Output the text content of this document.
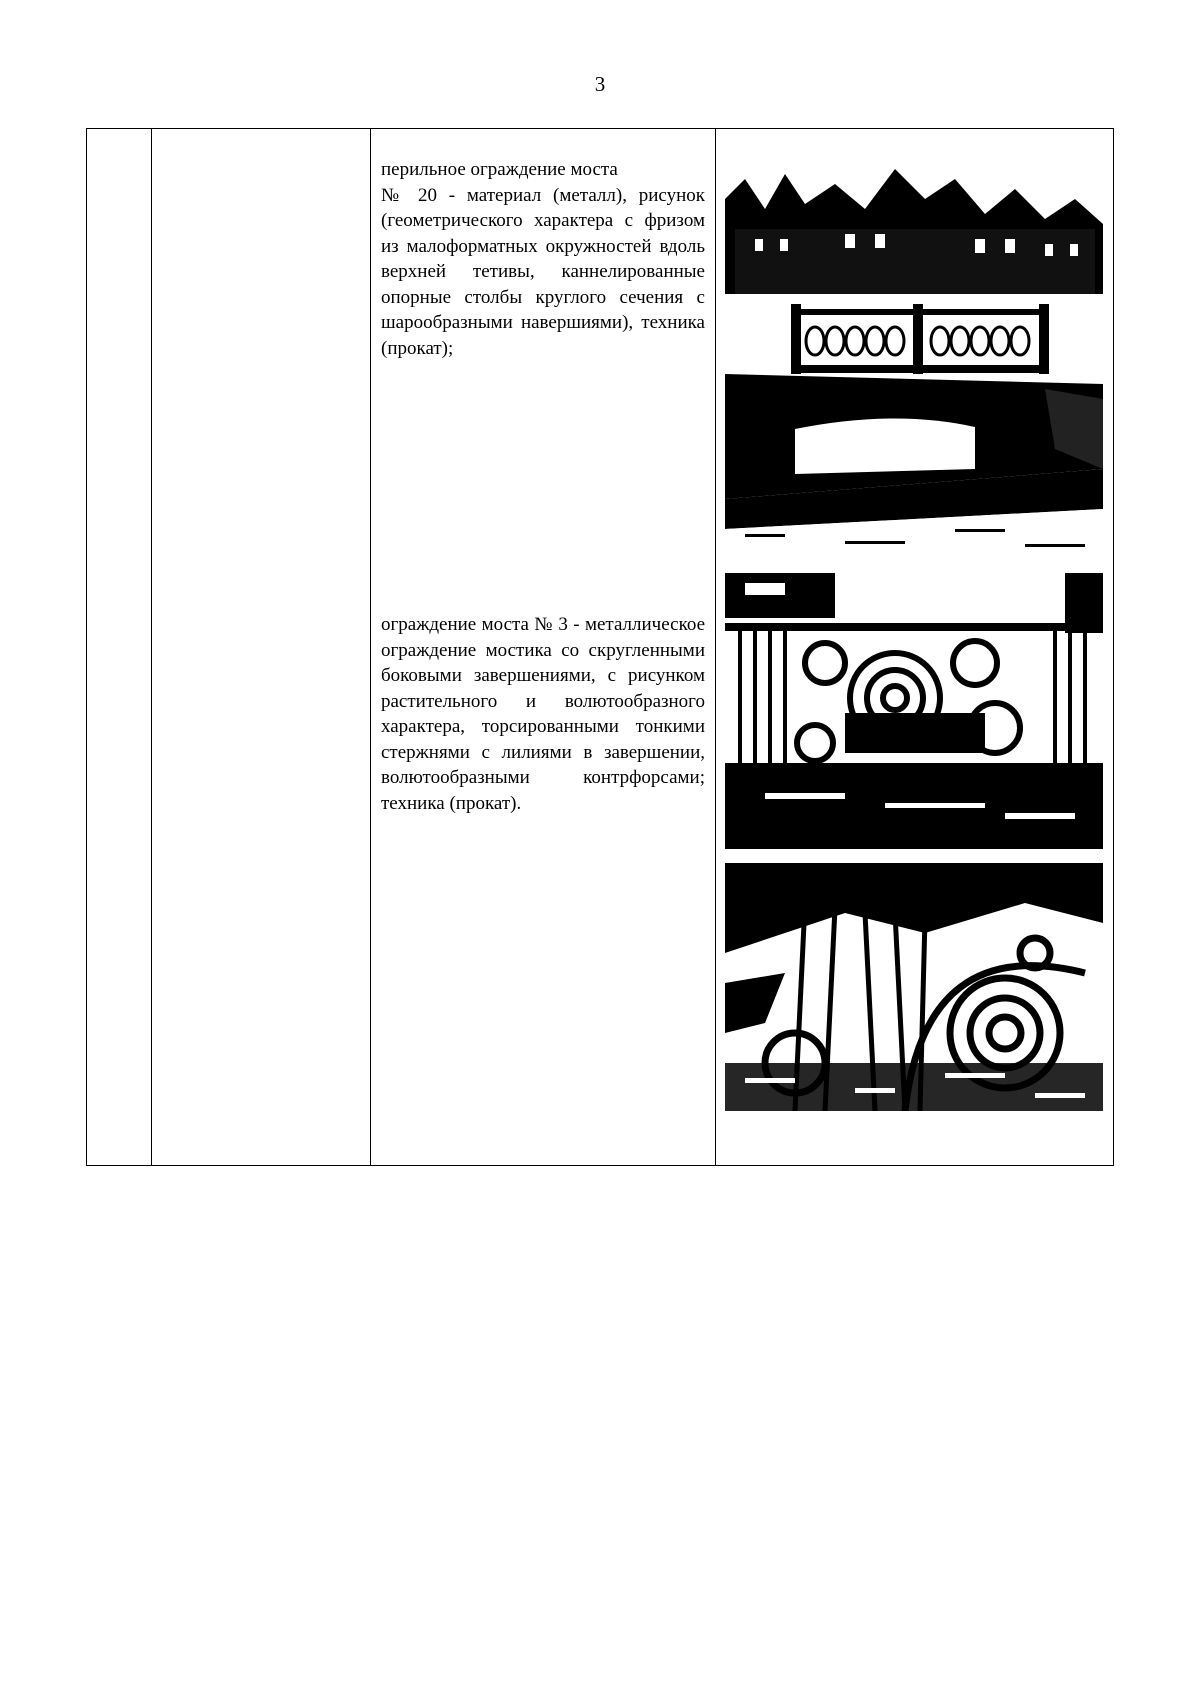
3

перильное ограждение моста

№ 20 - материал (металл), рисунок (геометрического характера с фризом из малоформатных окружностей вдоль верхней тетивы, каннелированные опорные столбы круглого сечения с шарообразными навершиями), техника (прокат);

ограждение моста № 3 - металлическое ограждение мостика со скругленными боковыми завершениями, с рисунком растительного и волютообразного характера, торсированными тонкими стержнями с лилиями в завершении, волютообразными контрфорсами; техника (прокат).
